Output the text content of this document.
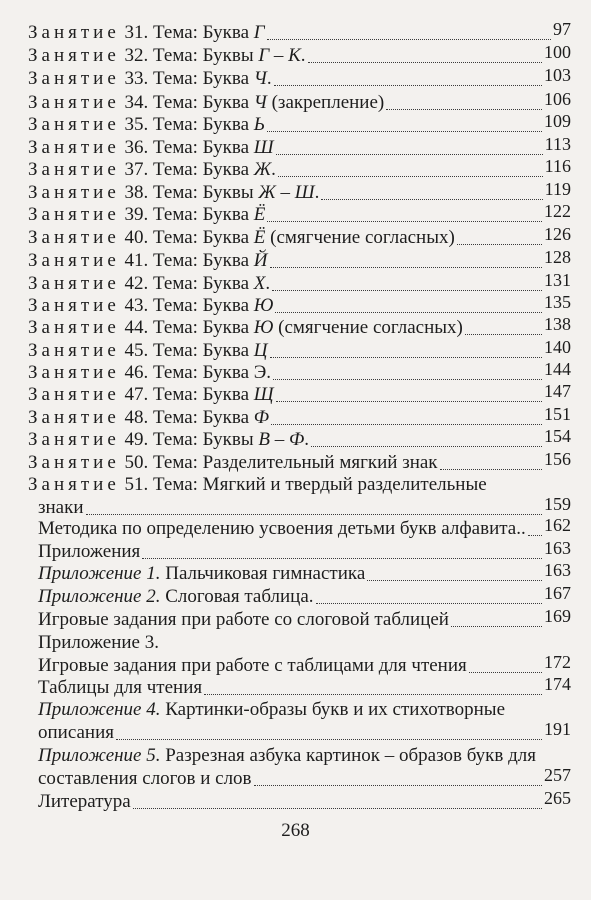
Занятие 31. Тема: Буква Г	97
Занятие 32. Тема: Буквы Г – К.	100
Занятие 33. Тема: Буква Ч.	103
Занятие 34. Тема: Буква Ч (закрепление)	106
Занятие 35. Тема: Буква Ь	109
Занятие 36. Тема: Буква Ш	113
Занятие 37. Тема: Буква Ж.	116
Занятие 38. Тема: Буквы Ж – Ш.	119
Занятие 39. Тема: Буква Ё	122
Занятие 40. Тема: Буква Ё (смягчение согласных)	126
Занятие 41. Тема: Буква Й	128
Занятие 42. Тема: Буква Х.	131
Занятие 43. Тема: Буква Ю	135
Занятие 44. Тема: Буква Ю (смягчение согласных)	138
Занятие 45. Тема: Буква Ц	140
Занятие 46. Тема: Буква Э.	144
Занятие 47. Тема: Буква Щ	147
Занятие 48. Тема: Буква Ф	151
Занятие 49. Тема: Буквы В – Ф.	154
Занятие 50. Тема: Разделительный мягкий знак	156
Занятие 51. Тема: Мягкий и твердый разделительные
знаки	159
Методика по определению усвоения детьми букв алфавита.. 162
Приложения	163
Приложение 1. Пальчиковая гимнастика	163
Приложение 2. Слоговая таблица.	167
Игровые задания при работе со слоговой таблицей	169
Приложение 3.
Игровые задания при работе с таблицами для чтения	172
Таблицы для чтения	174
Приложение 4. Картинки-образы букв и их стихотворные
описания	191
Приложение 5. Разрезная азбука картинок – образов букв для
составления слогов и слов	257
Литература	265
268
